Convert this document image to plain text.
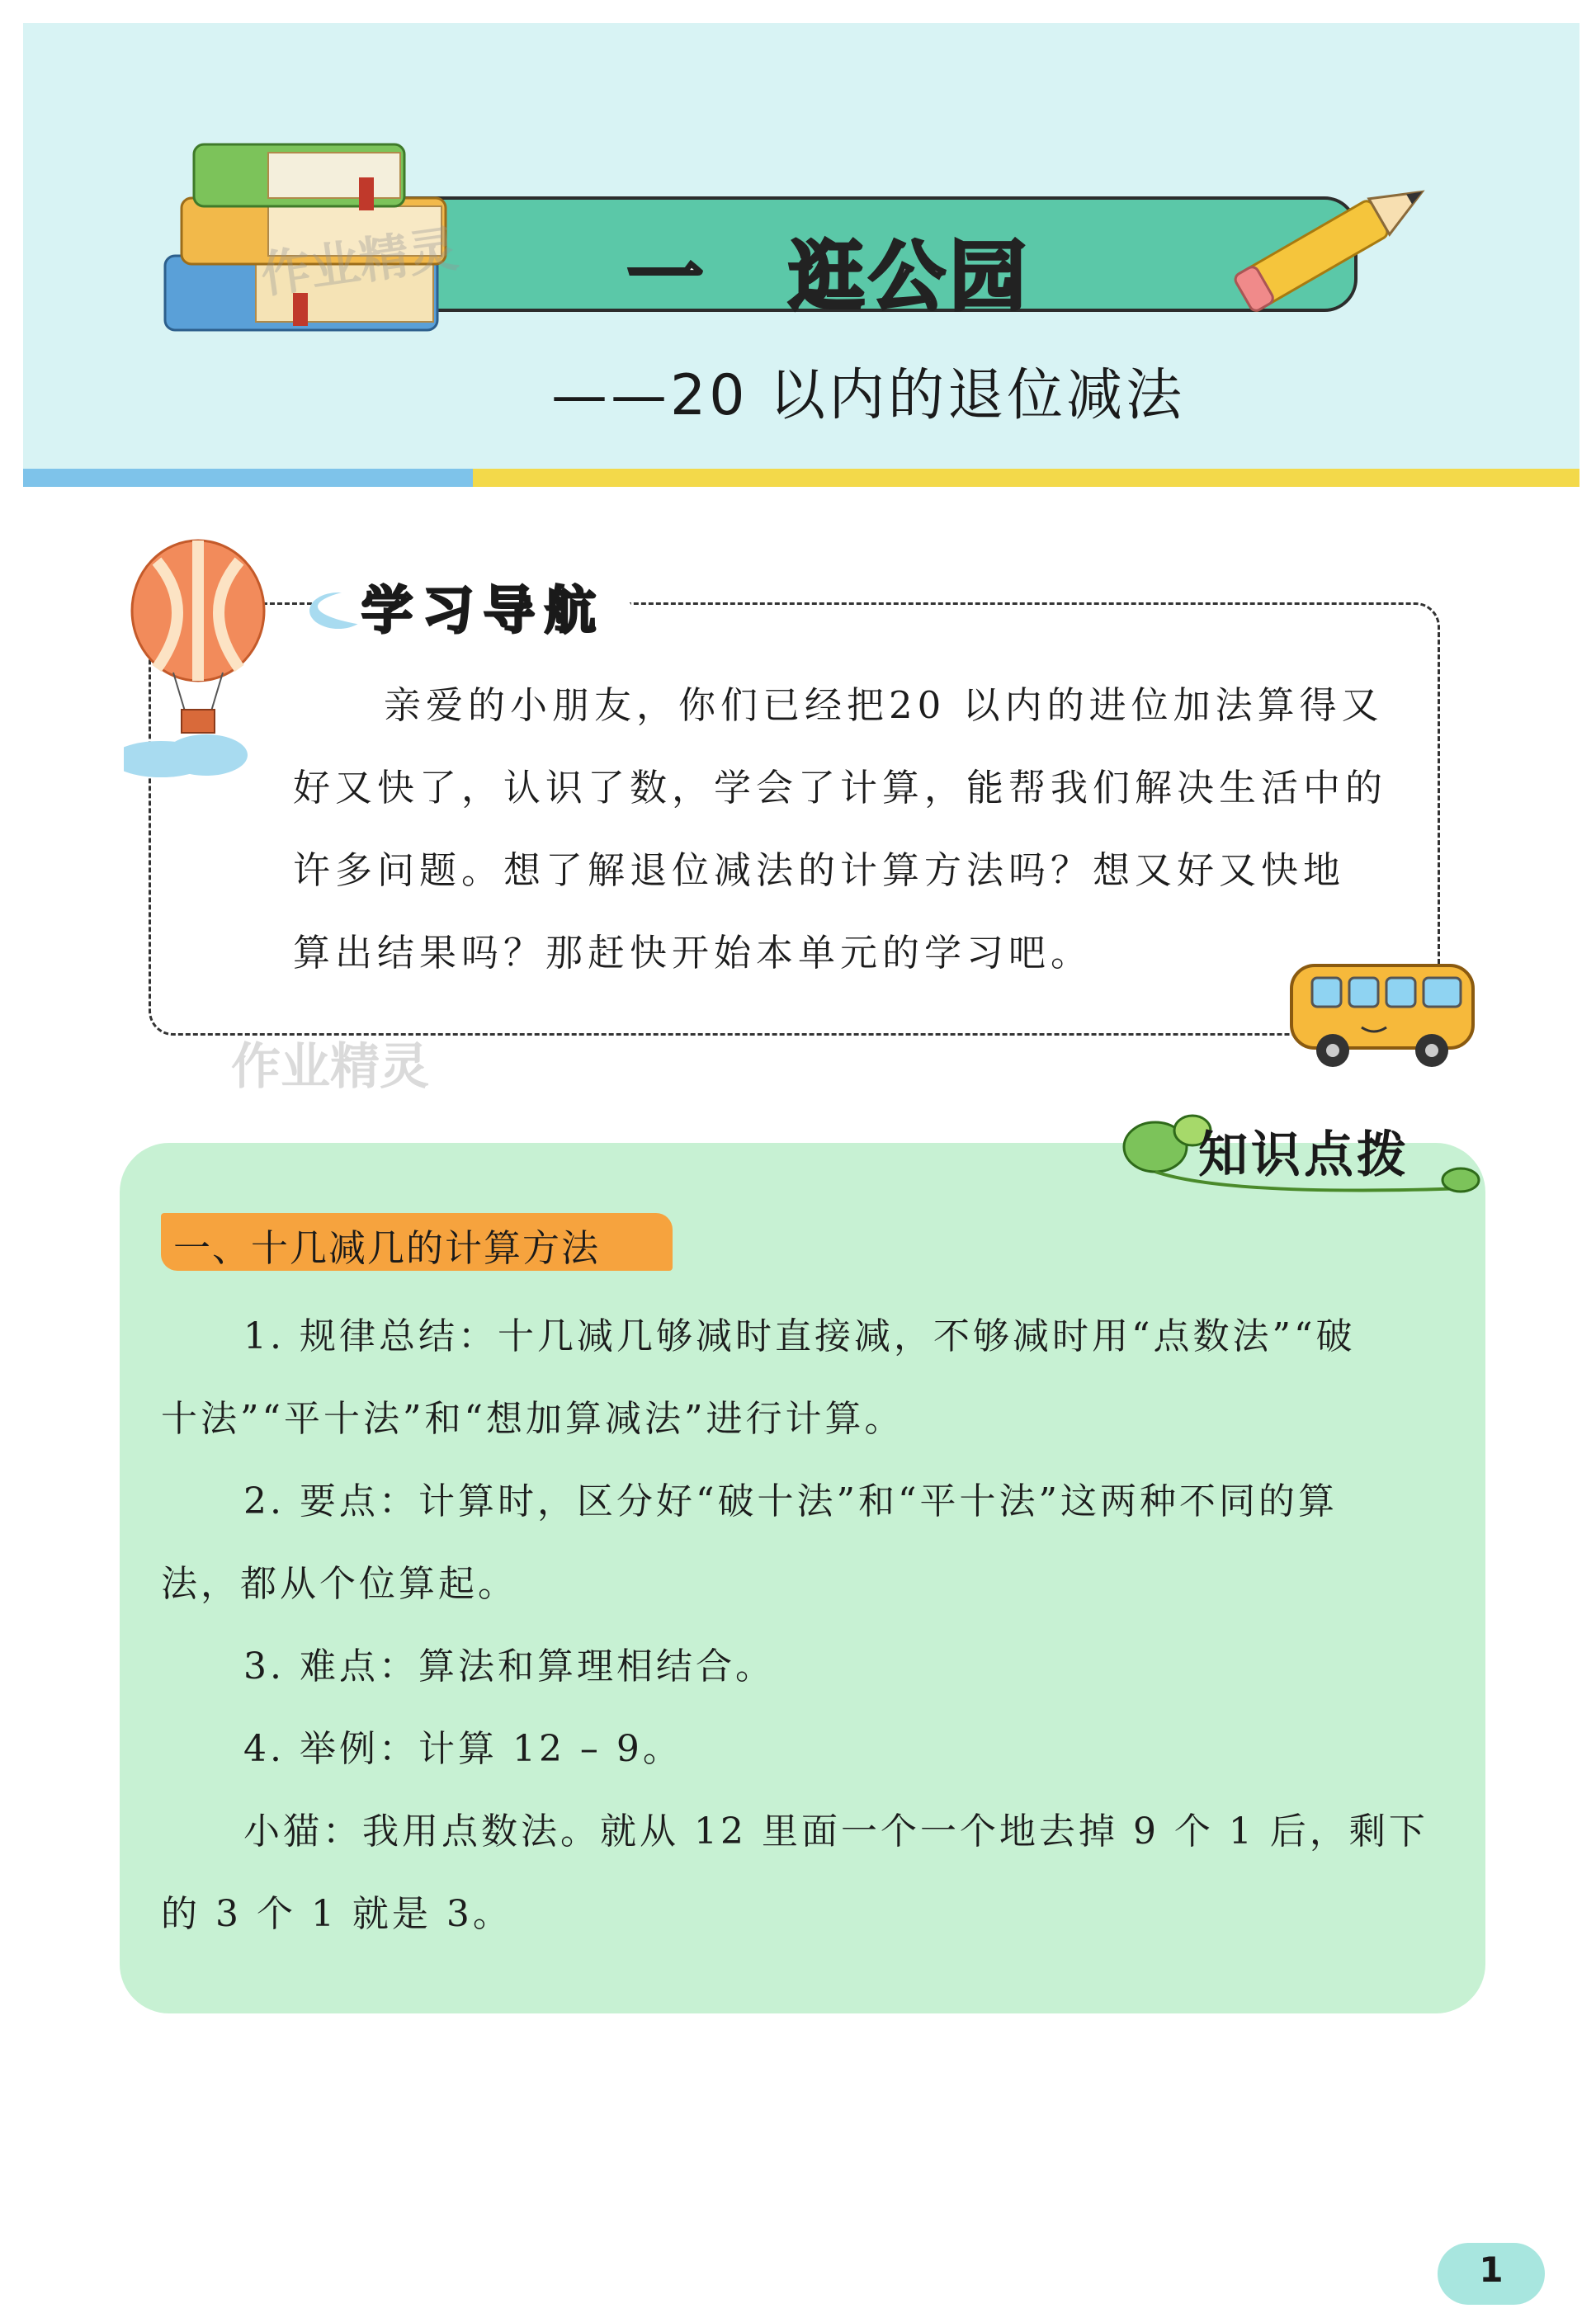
一 逛公园
——20 以内的退位减法
作业精灵
学习导航
亲爱的小朋友，你们已经把20 以内的进位加法算得又
好又快了，认识了数，学会了计算，能帮我们解决生活中的
许多问题。想了解退位减法的计算方法吗？想又好又快地
算出结果吗？那赶快开始本单元的学习吧。
作业精灵
知识点拨
一、十几减几的计算方法
1. 规律总结：十几减几够减时直接减，不够减时用“点数法”“破
十法”“平十法”和“想加算减法”进行计算。
2. 要点：计算时，区分好“破十法”和“平十法”这两种不同的算
法，都从个位算起。
3. 难点：算法和算理相结合。
4. 举例：计算 12 – 9。
小猫：我用点数法。就从 12 里面一个一个地去掉 9 个 1 后，剩下
的 3 个 1 就是 3。
1
